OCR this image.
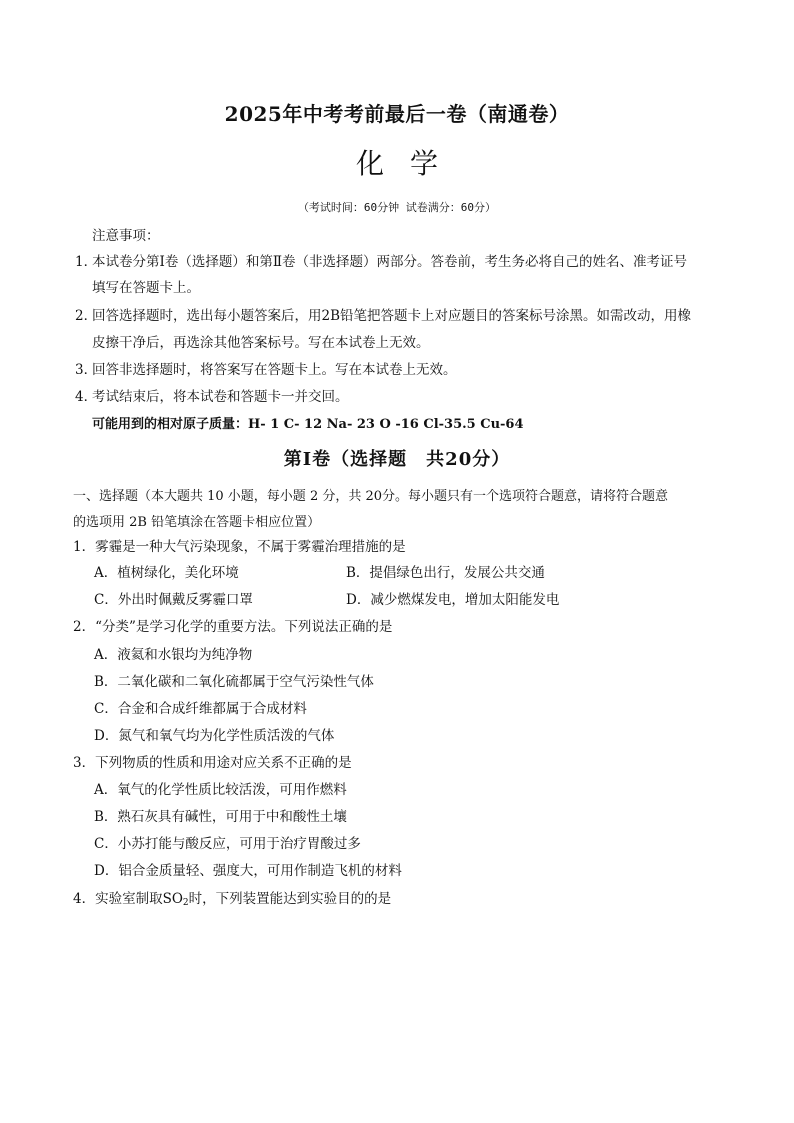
2025年中考考前最后一卷（南通卷）
化学
（考试时间：60分钟 试卷满分：60分）
注意事项：
1．
本试卷分第Ⅰ卷（选择题）和第Ⅱ卷（非选择题）两部分。答卷前，考生务必将自己的姓名、准考证号
填写在答题卡上。
2．
回答选择题时，选出每小题答案后，用2B铅笔把答题卡上对应题目的答案标号涂黑。如需改动，用橡
皮擦干净后，再选涂其他答案标号。写在本试卷上无效。
3．
回答非选择题时，将答案写在答题卡上。写在本试卷上无效。
4．
考试结束后，将本试卷和答题卡一并交回。
可能用到的相对原子质量：H- 1 C- 12 Na- 23 O -16 Cl-35.5 Cu-64
第Ⅰ卷（选择题　共20分）
一、选择题（本大题共 10 小题，每小题 2 分，共 20分。每小题只有一个选项符合题意，请将符合题意
的选项用 2B 铅笔填涂在答题卡相应位置）
1．雾霾是一种大气污染现象，不属于雾霾治理措施的是
A．植树绿化，美化环境	B．提倡绿色出行，发展公共交通
C．外出时佩戴反雾霾口罩	D．减少燃煤发电，增加太阳能发电
2．“分类”是学习化学的重要方法。下列说法正确的是
A．液氦和水银均为纯净物
B．二氧化碳和二氧化硫都属于空气污染性气体
C．合金和合成纤维都属于合成材料
D．氮气和氧气均为化学性质活泼的气体
3．下列物质的性质和用途对应关系不正确的是
A．氧气的化学性质比较活泼，可用作燃料
B．熟石灰具有碱性，可用于中和酸性土壤
C．小苏打能与酸反应，可用于治疗胃酸过多
D．铝合金质量轻、强度大，可用作制造飞机的材料
4．实验室制取$SO_2$时，下列装置能达到实验目的的是
